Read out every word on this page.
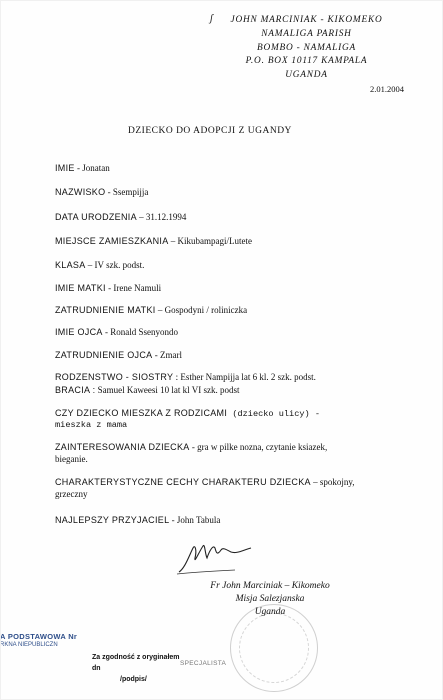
ʃ	JOHN MARCINIAK - KIKOMEKO
NAMALIGA PARISH
BOMBO - NAMALIGA
P.O. BOX 10117 KAMPALA
UGANDA
2.01.2004
DZIECKO DO ADOPCJI Z UGANDY
IMIE - Jonatan
NAZWISKO - Ssempijja
DATA URODZENIA – 31.12.1994
MIEJSCE ZAMIESZKANIA – Kikubampagi/Lutete
KLASA – IV szk. podst.
IMIE MATKI - Irene Namuli
ZATRUDNIENIE MATKI – Gospodyni / roliniczka
IMIE OJCA - Ronald Ssenyondo
ZATRUDNIENIE OJCA - Zmarl
RODZENSTWO - SIOSTRY : Esther Nampijja lat 6 kl. 2 szk. podst.
BRACIA : Samuel Kaweesi 10 lat kl VI szk. podst
CZY DZIECKO MIESZKA Z RODZICAMI (dziecko ulicy) -
mieszka z mama
ZAINTERESOWANIA DZIECKA - gra w pilke nozna, czytanie ksiazek,
bieganie.
CHARAKTERYSTYCZNE CECHY CHARAKTERU DZIECKA – spokojny,
grzeczny
NAJLEPSZY PRZYJACIEL - John Tabula
Fr John Marciniak – Kikomeko
Misja Salezjanska
Uganda
A PODSTAWOWA Nr
RKNA NIEPUBLICZN
Za zgodność z oryginałem
dn
/podpis/
SPECJALISTA
